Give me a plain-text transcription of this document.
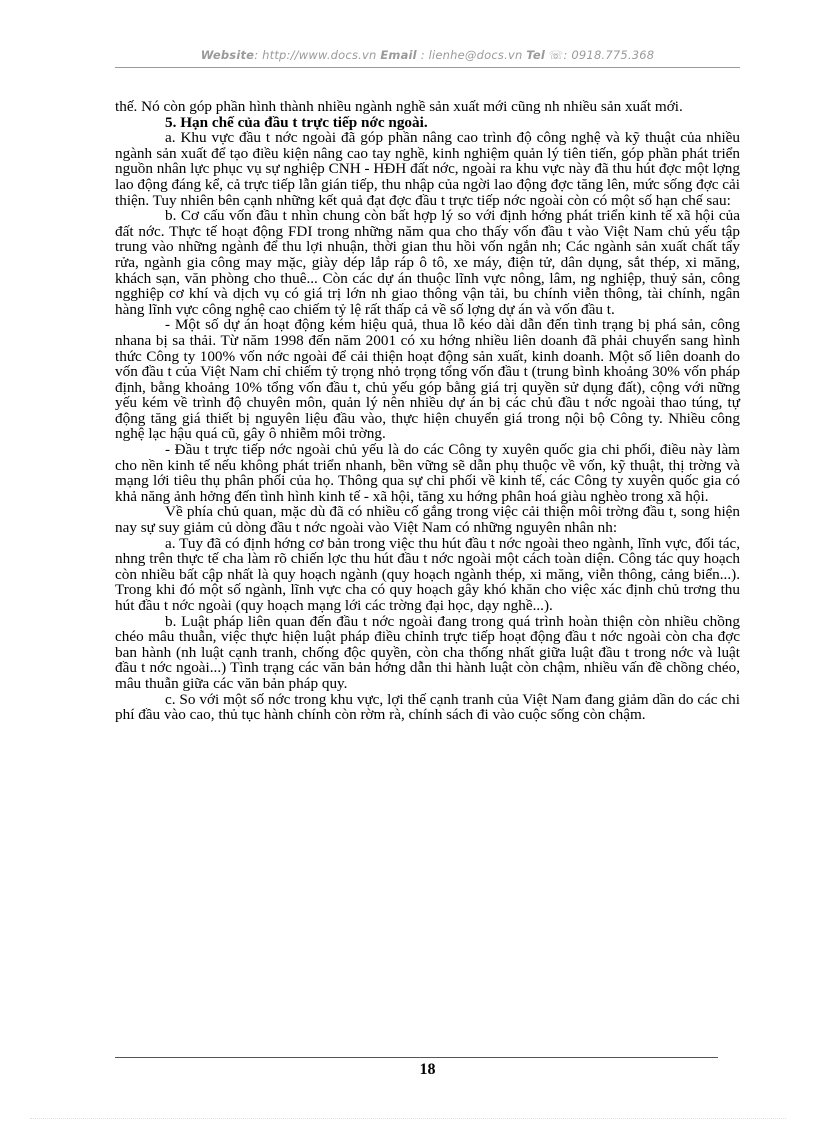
Website: http://www.docs.vn Email : lienhe@docs.vn Tel ☏: 0918.775.368

thế. Nó còn góp phần hình thành nhiều ngành nghề sản xuất mới cũng nh nhiều sản xuất mới.

5. Hạn chế của đầu t trực tiếp nớc ngoài.

a. Khu vực đầu t nớc ngoài đã góp phần nâng cao trình độ công nghệ và kỹ thuật của nhiều ngành sản xuất để tạo điều kiện nâng cao tay nghề, kinh nghiệm quản lý tiên tiến, góp phần phát triển nguồn nhân lực phục vụ sự nghiệp CNH - HĐH đất nớc, ngoài ra khu vực này đã thu hút đợc một lợng lao động đáng kể, cả trực tiếp lẫn gián tiếp, thu nhập của ngời lao động đợc tăng lên, mức sống đợc cải thiện. Tuy nhiên bên cạnh những kết quả đạt đợc đầu t trực tiếp nớc ngoài còn có một số hạn chế sau:

b. Cơ cấu vốn đầu t nhìn chung còn bất hợp lý so với định hớng phát triển kinh tế xã hội của đất nớc. Thực tế hoạt động FDI trong những năm qua cho thấy vốn đầu t vào Việt Nam chủ yếu tập trung vào những ngành để thu lợi nhuận, thời gian thu hồi vốn ngắn nh; Các ngành sản xuất chất tẩy rửa, ngành gia công may mặc, giày dép lắp ráp ô tô, xe máy, điện tử, dân dụng, sắt thép, xi măng, khách sạn, văn phòng cho thuê... Còn các dự án thuộc lĩnh vực nông, lâm, ng nghiệp, thuỷ sản, công ngghiệp cơ khí và dịch vụ có giá trị lớn nh giao thông vận tải, bu chính viễn thông, tài chính, ngân hàng lĩnh vực công nghệ cao chiếm tỷ lệ rất thấp cả về số lợng dự án và vốn đầu t.

- Một số dự án hoạt động kém hiệu quả, thua lỗ kéo dài dẫn đến tình trạng bị phá sản, công nhana bị sa thải. Từ năm 1998 đến năm 2001 có xu hớng nhiều liên doanh đã phải chuyển sang hình thức Công ty 100% vốn nớc ngoài để cải thiện hoạt động sản xuất, kinh doanh. Một số liên doanh do vốn đầu t của Việt Nam chỉ chiếm tỷ trọng nhỏ trọng tổng vốn đầu t (trung bình khoảng 30% vốn pháp định, bằng khoảng 10% tổng vốn đầu t, chủ yếu góp bằng giá trị quyền sử dụng đất), cộng với nững yếu kém về trình độ chuyên môn, quản lý nên nhiều dự án bị các chủ đầu t nớc ngoài thao túng, tự động tăng giá thiết bị nguyên liệu đầu vào, thực hiện chuyển giá trong nội bộ Công ty. Nhiều công nghệ lạc hậu quá cũ, gây ô nhiễm môi trờng.

- Đầu t trực tiếp nớc ngoài chủ yếu là do các Công ty xuyên quốc gia chi phối, điều này làm cho nền kinh tế nếu không phát triển nhanh, bền vững sẽ dẫn phụ thuộc về vốn, kỹ thuật, thị trờng và mạng lới tiêu thụ phân phối của họ. Thông qua sự chi phối về kinh tế, các Công ty xuyên quốc gia có khả năng ảnh hởng đến tình hình kinh tế - xã hội, tăng xu hớng phân hoá giàu nghèo trong xã hội.

Về phía chủ quan, mặc dù đã có nhiều cố gắng trong việc cải thiện môi trờng đầu t, song hiện nay sự suy giảm củ dòng đầu t nớc ngoài vào Việt Nam có những nguyên nhân nh:

a. Tuy đã có định hớng cơ bản trong việc thu hút đầu t nớc ngoài theo ngành, lĩnh vực, đối tác, nhng trên thực tế cha làm rõ chiến lợc thu hút đầu t nớc ngoài một cách toàn diện. Công tác quy hoạch còn nhiều bất cập nhất là quy hoạch ngành (quy hoạch ngành thép, xi măng, viễn thông, cảng biển...). Trong khi đó một số ngành, lĩnh vực cha có quy hoạch gây khó khăn cho việc xác định chủ trơng thu hút đầu t nớc ngoài (quy hoạch mạng lới các trờng đại học, dạy nghề...).

b. Luật pháp liên quan đến đầu t nớc ngoài đang trong quá trình hoàn thiện còn nhiều chồng chéo mâu thuẫn, việc thực hiện luật pháp điều chỉnh trực tiếp hoạt động đầu t nớc ngoài còn cha đợc ban hành (nh luật cạnh tranh, chống độc quyền, còn cha thống nhất giữa luật đầu t trong nớc và luật đầu t nớc ngoài...) Tình trạng các văn bản hớng dẫn thi hành luật còn chậm, nhiều vấn đề chồng chéo, mâu thuẫn giữa các văn bản pháp quy.

c. So với một số nớc trong khu vực, lợi thế cạnh tranh của Việt Nam đang giảm dần do các chi phí đầu vào cao, thủ tục hành chính còn rờm rà, chính sách đi vào cuộc sống còn chậm.

18
